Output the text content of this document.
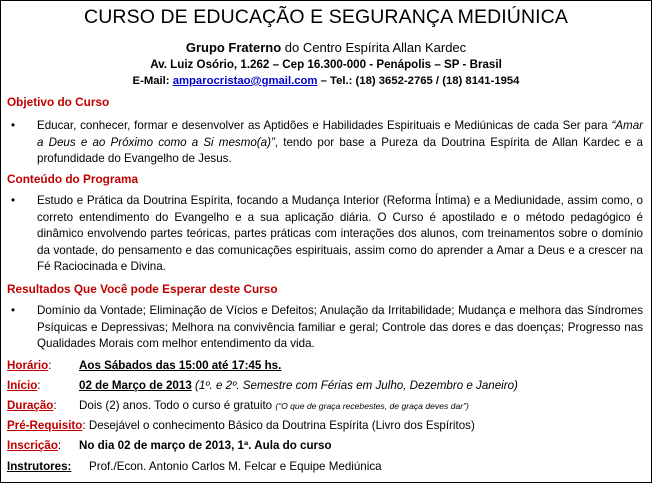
CURSO DE EDUCAÇÃO E SEGURANÇA MEDIÚNICA
Grupo Fraterno do Centro Espírita Allan Kardec
Av. Luiz Osório, 1.262 – Cep 16.300-000 - Penápolis – SP - Brasil
E-Mail: amparocristao@gmail.com – Tel.: (18) 3652-2765 / (18) 8141-1954
Objetivo do Curso
• Educar, conhecer, formar e desenvolver as Aptidões e Habilidades Espirituais e Mediúnicas de cada Ser para “Amar a Deus e ao Próximo como a Si mesmo(a)”, tendo por base a Pureza da Doutrina Espírita de Allan Kardec e a profundidade do Evangelho de Jesus.
Conteúdo do Programa
• Estudo e Prática da Doutrina Espírita, focando a Mudança Interior (Reforma Íntima) e a Mediunidade, assim como, o correto entendimento do Evangelho e a sua aplicação diária. O Curso é apostilado e o método pedagógico é dinâmico envolvendo partes teóricas, partes práticas com interações dos alunos, com treinamentos sobre o domínio da vontade, do pensamento e das comunicações espirituais, assim como do aprender a Amar a Deus e a crescer na Fé Raciocinada e Divina.
Resultados Que Você pode Esperar deste Curso
• Domínio da Vontade; Eliminação de Vícios e Defeitos; Anulação da Irritabilidade; Mudança e melhora das Síndromes Psíquicas e Depressivas; Melhora na convivência familiar e geral; Controle das dores e das doenças; Progresso nas Qualidades Morais com melhor entendimento da vida.
Horário: Aos Sábados das 15:00 até 17:45 hs.
Início:	02 de Março de 2013 (1º. e 2º. Semestre com Férias em Julho, Dezembro e Janeiro)
Duração: Dois (2) anos. Todo o curso é gratuito (“O que de graça recebestes, de graça deves dar”)
Pré-Requisito: Desejável o conhecimento Básico da Doutrina Espírita (Livro dos Espíritos)
Inscrição: No dia 02 de março de 2013, 1ª. Aula do curso
Instrutores: Prof./Econ. Antonio Carlos M. Felcar e Equipe Mediúnica
